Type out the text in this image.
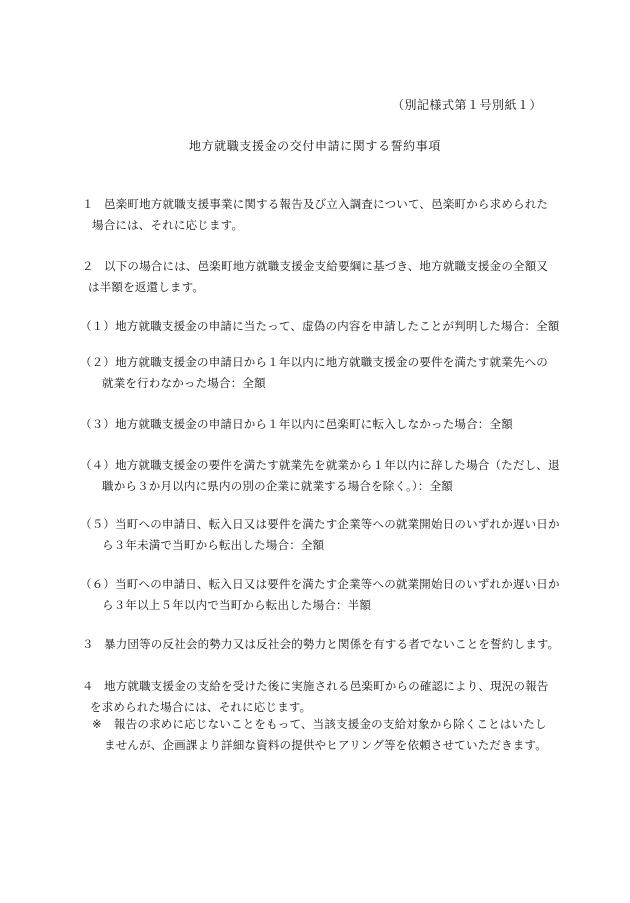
（別記様式第１号別紙１）
地方就職支援金の交付申請に関する誓約事項
１ 邑楽町地方就職支援事業に関する報告及び立入調査について、邑楽町から求められた
場合には、それに応じます。
２ 以下の場合には、邑楽町地方就職支援金支給要綱に基づき、地方就職支援金の全額又
は半額を返還します。
（１）地方就職支援金の申請に当たって、虚偽の内容を申請したことが判明した場合：全額
（２）地方就職支援金の申請日から１年以内に地方就職支援金の要件を満たす就業先への
就業を行わなかった場合：全額
（３）地方就職支援金の申請日から１年以内に邑楽町に転入しなかった場合：全額
（４）地方就職支援金の要件を満たす就業先を就業から１年以内に辞した場合（ただし、退
職から３か月以内に県内の別の企業に就業する場合を除く。）：全額
（５）当町への申請日、転入日又は要件を満たす企業等への就業開始日のいずれか遅い日か
ら３年未満で当町から転出した場合：全額
（６）当町への申請日、転入日又は要件を満たす企業等への就業開始日のいずれか遅い日か
ら３年以上５年以内で当町から転出した場合：半額
３ 暴力団等の反社会的勢力又は反社会的勢力と関係を有する者でないことを誓約します。
４ 地方就職支援金の支給を受けた後に実施される邑楽町からの確認により、現況の報告
を求められた場合には、それに応じます。
※ 報告の求めに応じないことをもって、当該支援金の支給対象から除くことはいたし
ませんが、企画課より詳細な資料の提供やヒアリング等を依頼させていただきます。
